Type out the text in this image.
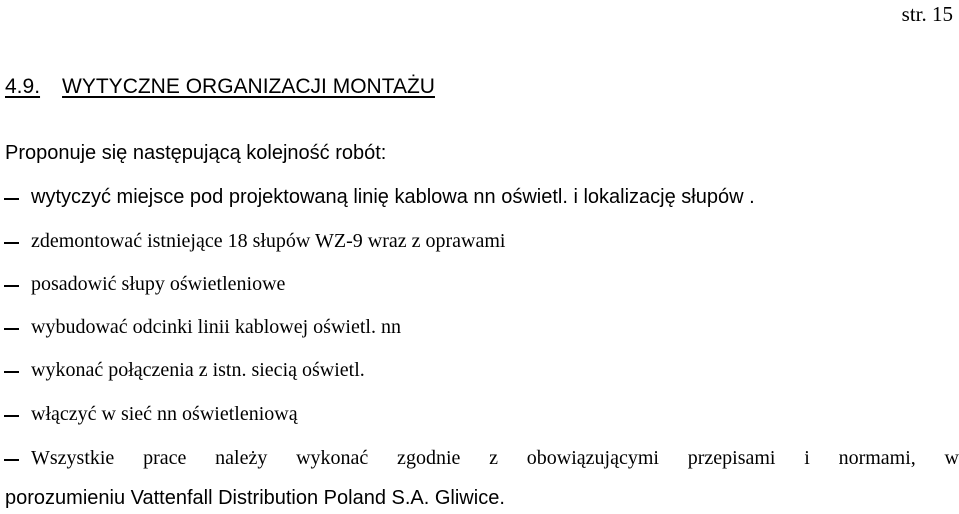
str. 15
4.9. WYTYCZNE ORGANIZACJI MONTAŻU
Proponuje się następującą kolejność robót:
wytyczyć miejsce pod projektowaną linię kablowa nn oświetl. i lokalizację słupów .
zdemontować istniejące 18 słupów WZ-9 wraz z oprawami
posadowić słupy oświetleniowe
wybudować odcinki linii kablowej oświetl. nn
wykonać połączenia z istn. siecią oświetl.
włączyć w sieć nn oświetleniową
Wszystkie prace należy wykonać zgodnie z obowiązującymi przepisami i normami, w
porozumieniu Vattenfall Distribution Poland S.A. Gliwice.
